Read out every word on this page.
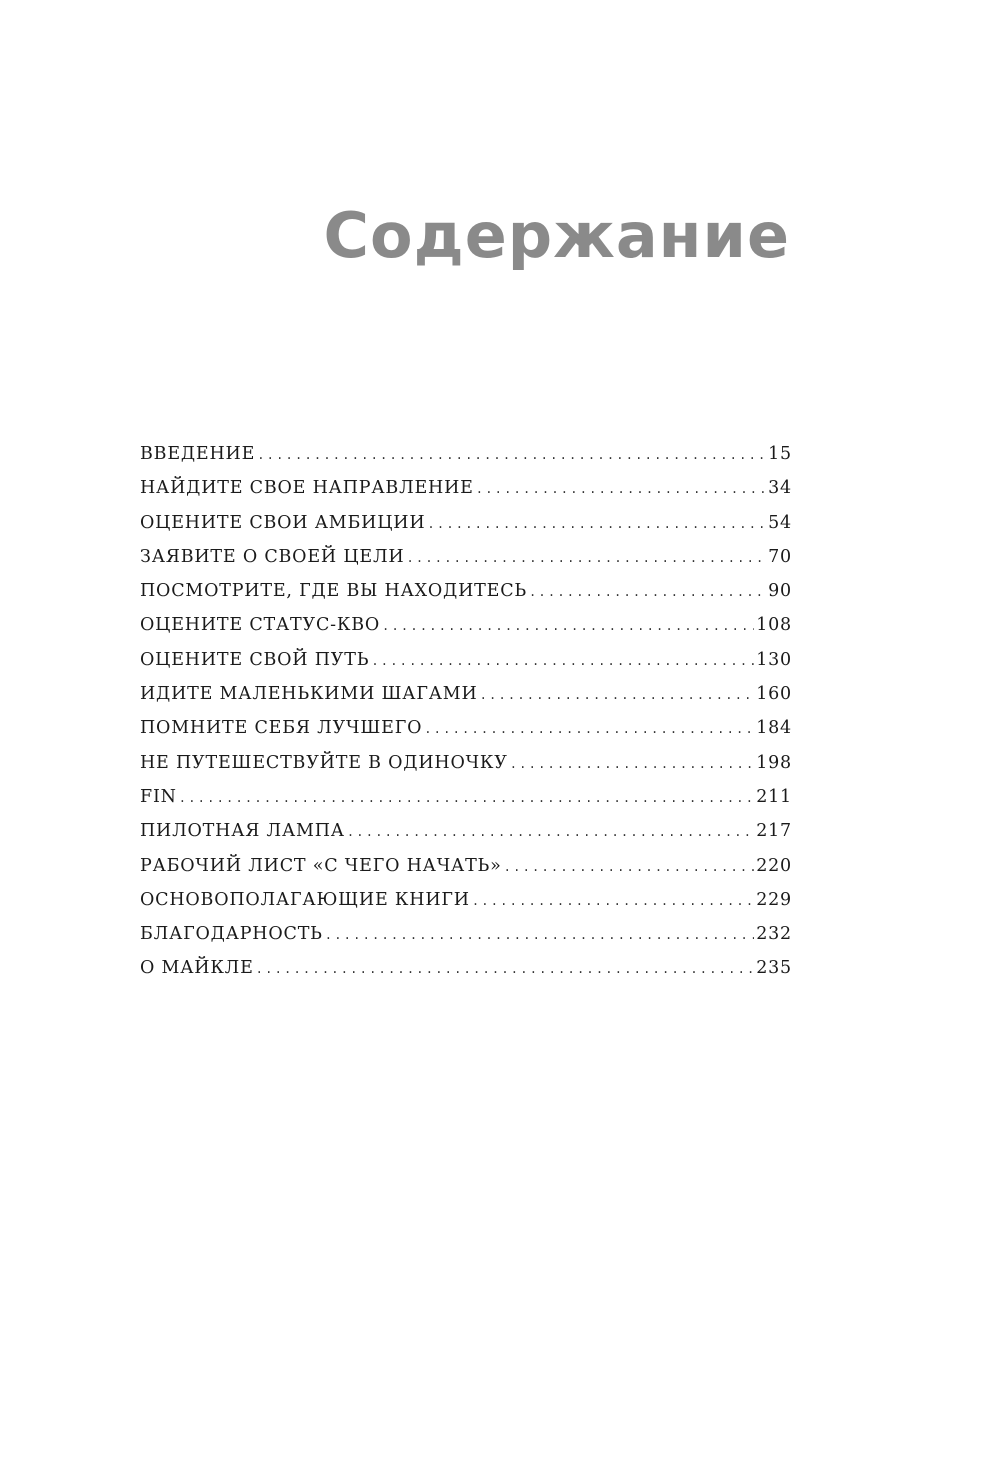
Содержание
ВВЕДЕНИЕ . . .	15
НАЙДИТЕ СВОЕ НАПРАВЛЕНИЕ . . .	34
ОЦЕНИТЕ СВОИ АМБИЦИИ . . .	54
ЗАЯВИТЕ О СВОЕЙ ЦЕЛИ . . .	70
ПОСМОТРИТЕ, ГДЕ ВЫ НАХОДИТЕСЬ . . .	90
ОЦЕНИТЕ СТАТУС-КВО . . .	108
ОЦЕНИТЕ СВОЙ ПУТЬ . . .	130
ИДИТЕ МАЛЕНЬКИМИ ШАГАМИ . . .	160
ПОМНИТЕ СЕБЯ ЛУЧШЕГО . . .	184
НЕ ПУТЕШЕСТВУЙТЕ В ОДИНОЧКУ . . .	198
FIN . . .	211
ПИЛОТНАЯ ЛАМПА . . .	217
РАБОЧИЙ ЛИСТ «С ЧЕГО НАЧАТЬ» . . .	220
ОСНОВОПОЛАГАЮЩИЕ КНИГИ . . .	229
БЛАГОДАРНОСТЬ . . .	232
О МАЙКЛЕ . . .	235
